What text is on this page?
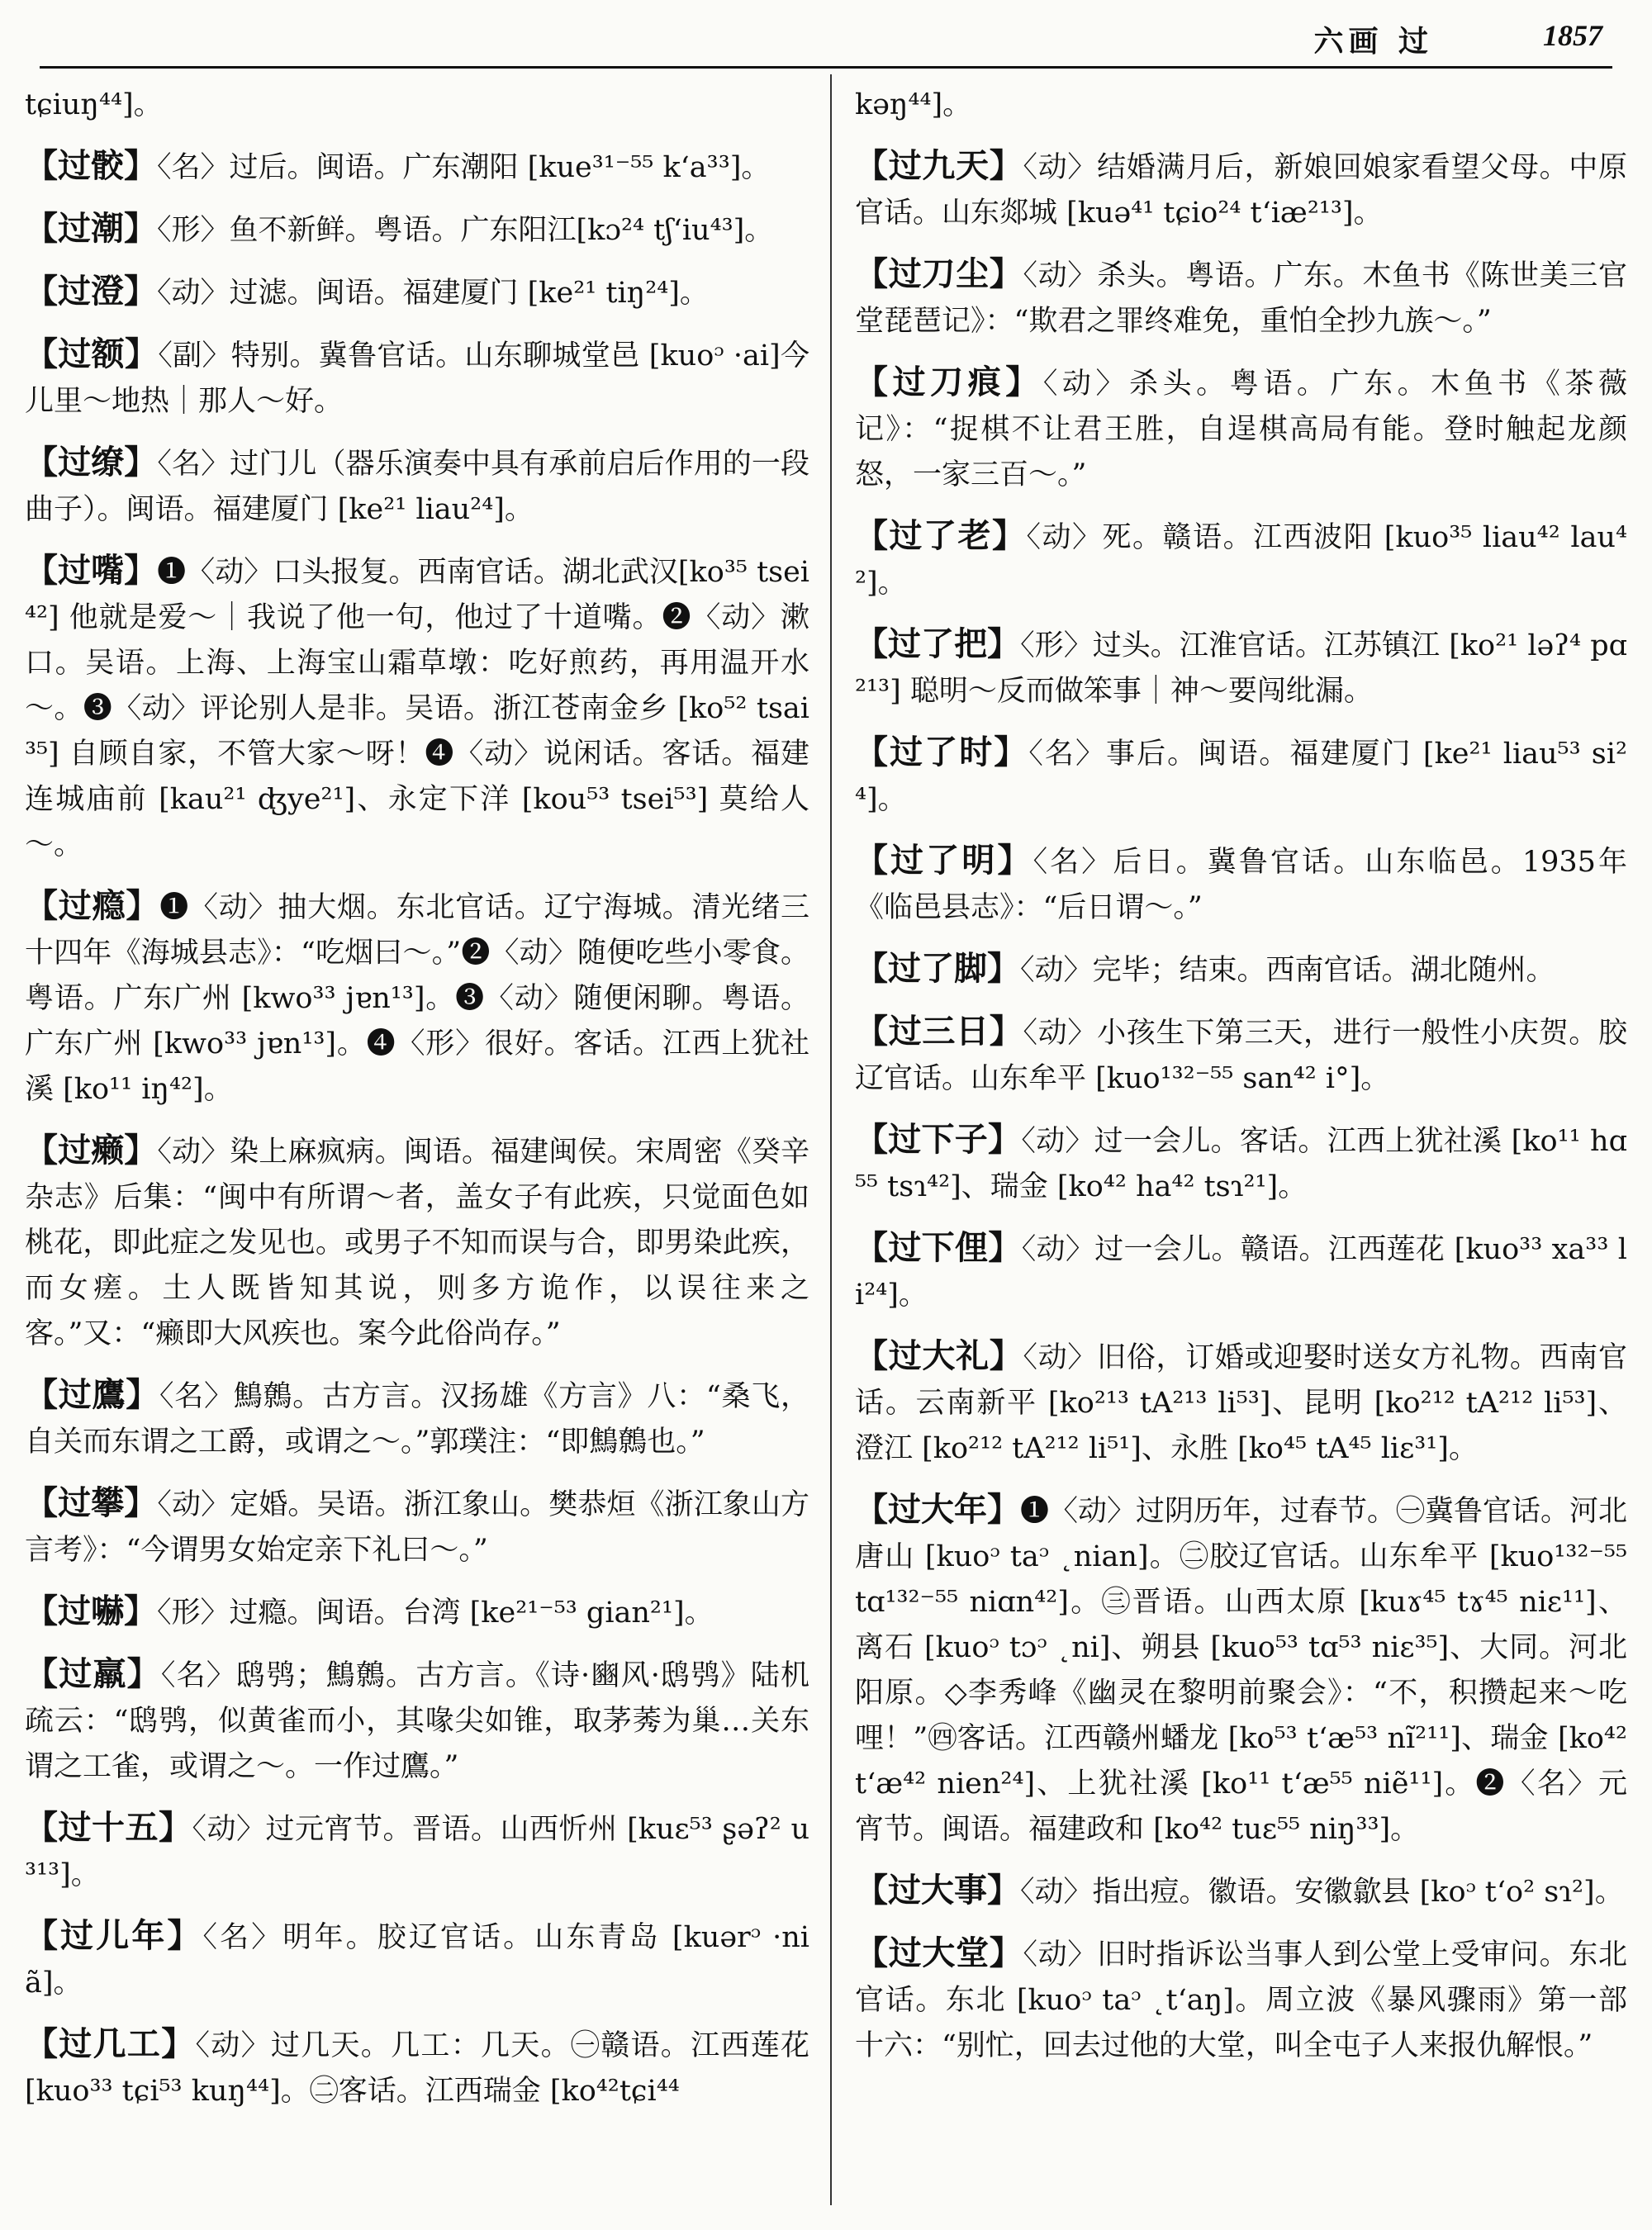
六画 过	1857
tɕiuŋ⁴⁴]。
【过骹】〈名〉过后。闽语。广东潮阳 [kue³¹⁻⁵⁵ kʻa³³]。
【过潮】〈形〉鱼不新鲜。粤语。广东阳江[kɔ²⁴ tʃʻiu⁴³]。
【过澄】〈动〉过滤。闽语。福建厦门 [ke²¹ tiŋ²⁴]。
【过额】〈副〉特别。冀鲁官话。山东聊城堂邑 [kuoᵓ ·ai]今儿里～地热｜那人～好。
【过缭】〈名〉过门儿（器乐演奏中具有承前启后作用的一段曲子）。闽语。福建厦门 [ke²¹ liau²⁴]。
【过嘴】❶〈动〉口头报复。西南官话。湖北武汉[ko³⁵ tsei⁴²] 他就是爱～｜我说了他一句，他过了十道嘴。❷〈动〉漱口。吴语。上海、上海宝山霜草墩：吃好煎药，再用温开水～。❸〈动〉评论别人是非。吴语。浙江苍南金乡 [ko⁵² tsai³⁵] 自顾自家，不管大家～呀！❹〈动〉说闲话。客话。福建连城庙前 [kau²¹ ʤye²¹]、永定下洋 [kou⁵³ tsei⁵³] 莫给人～。
【过瘾】❶〈动〉抽大烟。东北官话。辽宁海城。清光绪三十四年《海城县志》：“吃烟曰～。”❷〈动〉随便吃些小零食。粤语。广东广州 [kwo³³ jɐn¹³]。❸〈动〉随便闲聊。粤语。广东广州 [kwo³³ jɐn¹³]。❹〈形〉很好。客话。江西上犹社溪 [ko¹¹ iŋ⁴²]。
【过癞】〈动〉染上麻疯病。闽语。福建闽侯。宋周密《癸辛杂志》后集：“闽中有所谓～者，盖女子有此疾，只觉面色如桃花，即此症之发见也。或男子不知而误与合，即男染此疾，而女瘥。土人既皆知其说，则多方诡作，以误往来之客。”又：“癞即大风疾也。案今此俗尚存。”
【过鷹】〈名〉鷦鷯。古方言。汉扬雄《方言》八：“桑飞，自关而东谓之工爵，或谓之～。”郭璞注：“即鷦鷯也。”
【过攀】〈动〉定婚。吴语。浙江象山。樊恭烜《浙江象山方言考》：“今谓男女始定亲下礼曰～。”
【过嚇】〈形〉过瘾。闽语。台湾 [ke²¹⁻⁵³ gian²¹]。
【过羸】〈名〉鸱鸮；鷦鷯。古方言。《诗·豳风·鸱鸮》陆机疏云：“鸱鸮，似黄雀而小，其喙尖如锥，取茅莠为巢…关东谓之工雀，或谓之～。一作过鷹。”
【过十五】〈动〉过元宵节。晋语。山西忻州 [kuɛ⁵³ ʂəʔ² u³¹³]。
【过儿年】〈名〉明年。胶辽官话。山东青岛 [kuərᵓ ·niã]。
【过几工】〈动〉过几天。几工：几天。㊀赣语。江西莲花 [kuo³³ tɕi⁵³ kuŋ⁴⁴]。㊁客话。江西瑞金 [ko⁴²tɕi⁴⁴
kəŋ⁴⁴]。
【过九天】〈动〉结婚满月后，新娘回娘家看望父母。中原官话。山东郯城 [kuə⁴¹ tɕio²⁴ tʻiæ²¹³]。
【过刀尘】〈动〉杀头。粤语。广东。木鱼书《陈世美三官堂琵琶记》：“欺君之罪终难免，重怕全抄九族～。”
【过刀痕】〈动〉杀头。粤语。广东。木鱼书《茶薇记》：“捉棋不让君王胜，自逞棋高局有能。登时触起龙颜怒，一家三百～。”
【过了老】〈动〉死。赣语。江西波阳 [kuo³⁵ liau⁴² lau⁴²]。
【过了把】〈形〉过头。江淮官话。江苏镇江 [ko²¹ ləʔ⁴ pɑ²¹³] 聪明～反而做笨事｜神～要闯纰漏。
【过了时】〈名〉事后。闽语。福建厦门 [ke²¹ liau⁵³ si²⁴]。
【过了明】〈名〉后日。冀鲁官话。山东临邑。1935年《临邑县志》：“后日谓～。”
【过了脚】〈动〉完毕；结束。西南官话。湖北随州。
【过三日】〈动〉小孩生下第三天，进行一般性小庆贺。胶辽官话。山东牟平 [kuo¹³²⁻⁵⁵ san⁴² i°]。
【过下子】〈动〉过一会儿。客话。江西上犹社溪 [ko¹¹ hɑ⁵⁵ tsɿ⁴²]、瑞金 [ko⁴² ha⁴² tsɿ²¹]。
【过下俚】〈动〉过一会儿。赣语。江西莲花 [kuo³³ xa³³ li²⁴]。
【过大礼】〈动〉旧俗，订婚或迎娶时送女方礼物。西南官话。云南新平 [ko²¹³ tA²¹³ li⁵³]、昆明 [ko²¹² tA²¹² li⁵³]、澄江 [ko²¹² tA²¹² li⁵¹]、永胜 [ko⁴⁵ tA⁴⁵ liɛ³¹]。
【过大年】❶〈动〉过阴历年，过春节。㊀冀鲁官话。河北唐山 [kuoᵓ taᵓ ˛nian]。㊁胶辽官话。山东牟平 [kuo¹³²⁻⁵⁵ tɑ¹³²⁻⁵⁵ niɑn⁴²]。㊂晋语。山西太原 [kuɤ⁴⁵ tɤ⁴⁵ niɛ¹¹]、离石 [kuoᵓ tɔᵓ ˛ni]、朔县 [kuo⁵³ tɑ⁵³ niɛ³⁵]、大同。河北阳原。◇李秀峰《幽灵在黎明前聚会》：“不，积攒起来～吃哩！”㊃客话。江西赣州蟠龙 [ko⁵³ tʻæ⁵³ nĩ²¹¹]、瑞金 [ko⁴² tʻæ⁴² nien²⁴]、上犹社溪 [ko¹¹ tʻæ⁵⁵ niẽ¹¹]。❷〈名〉元宵节。闽语。福建政和 [ko⁴² tuɛ⁵⁵ niŋ³³]。
【过大事】〈动〉指出痘。徽语。安徽歙县 [koᵓ tʻo² sɿ²]。
【过大堂】〈动〉旧时指诉讼当事人到公堂上受审问。东北官话。东北 [kuoᵓ taᵓ ˛tʻaŋ]。周立波《暴风骤雨》第一部十六：“别忙，回去过他的大堂，叫全屯子人来报仇解恨。”
